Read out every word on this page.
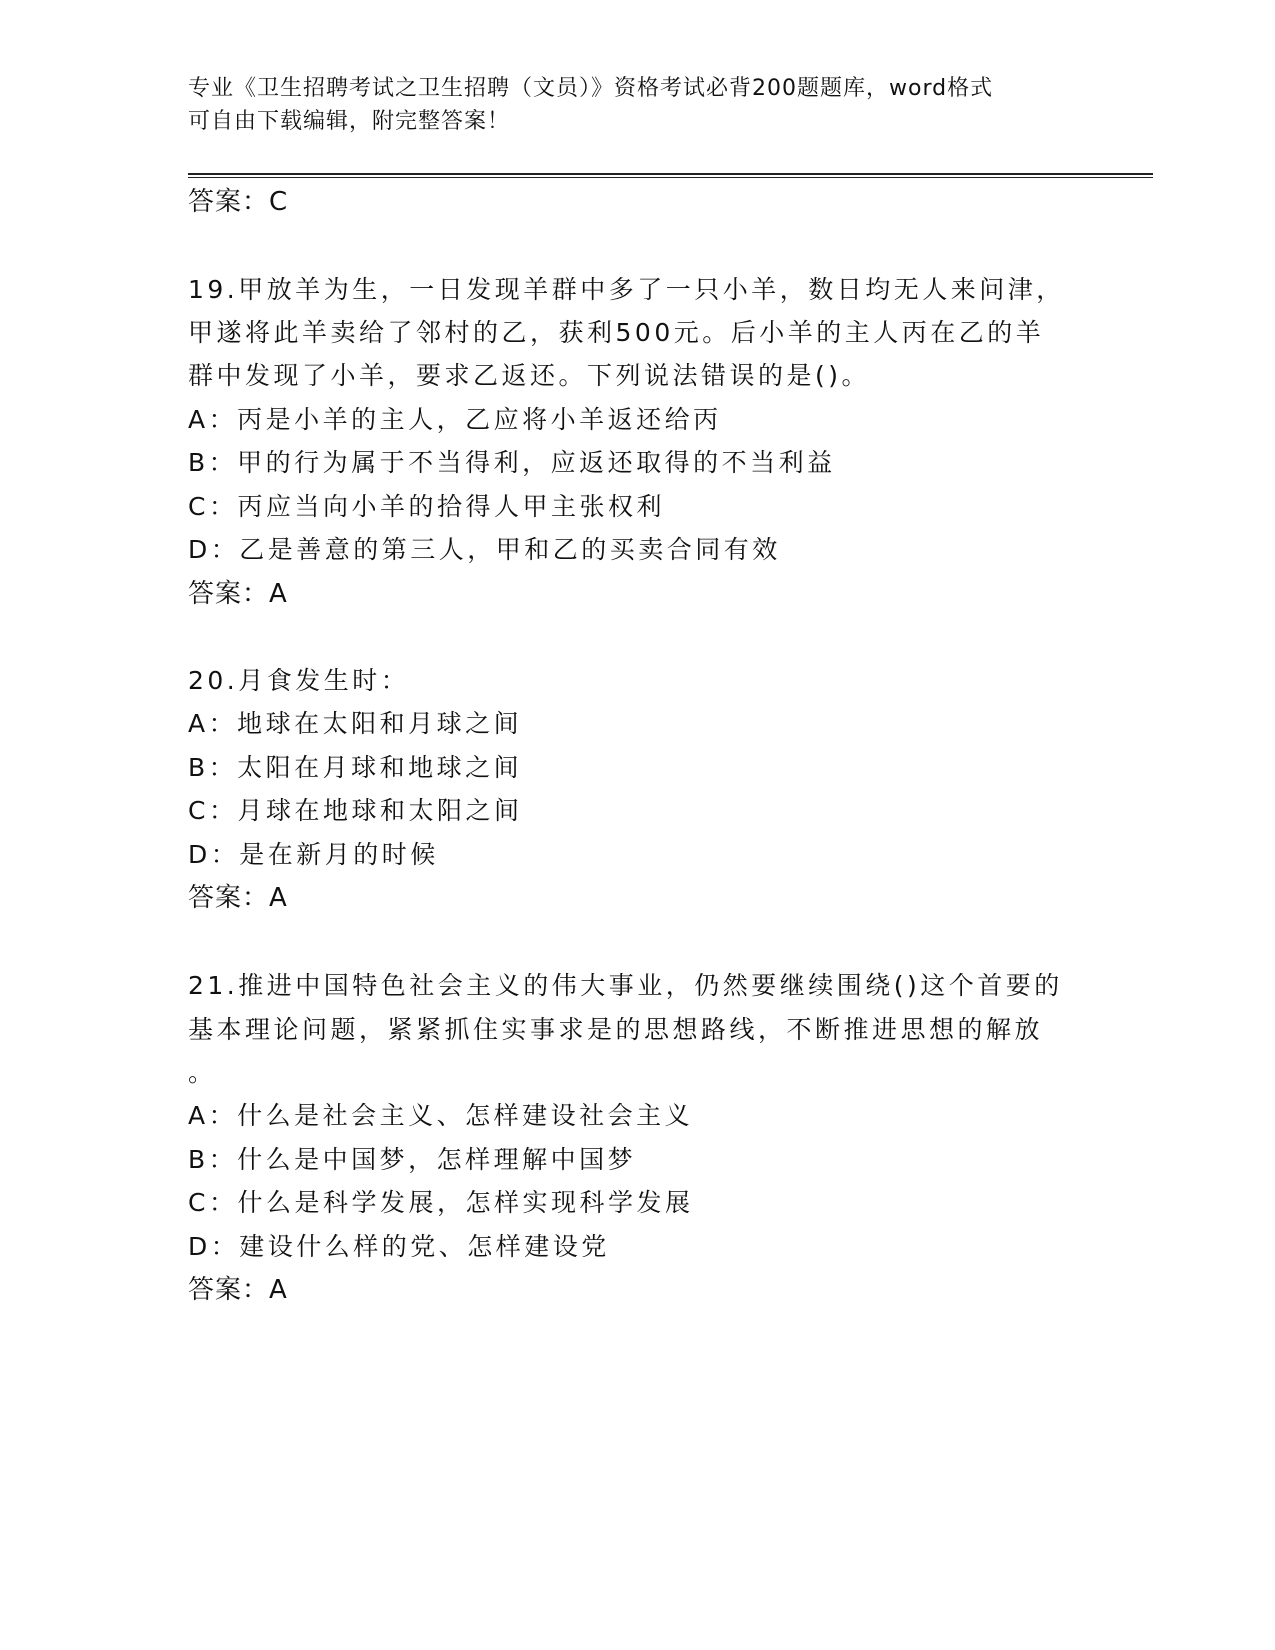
专业《卫生招聘考试之卫生招聘（文员）》资格考试必背200题题库，word格式
可自由下载编辑，附完整答案！
答案：C
19.甲放羊为生，一日发现羊群中多了一只小羊，数日均无人来问津，
甲遂将此羊卖给了邻村的乙，获利500元。后小羊的主人丙在乙的羊
群中发现了小羊，要求乙返还。下列说法错误的是()。
A：丙是小羊的主人，乙应将小羊返还给丙
B：甲的行为属于不当得利，应返还取得的不当利益
C：丙应当向小羊的拾得人甲主张权利
D：乙是善意的第三人，甲和乙的买卖合同有效
答案：A
20.月食发生时：
A：地球在太阳和月球之间
B：太阳在月球和地球之间
C：月球在地球和太阳之间
D：是在新月的时候
答案：A
21.推进中国特色社会主义的伟大事业，仍然要继续围绕()这个首要的
基本理论问题，紧紧抓住实事求是的思想路线，不断推进思想的解放
。
A：什么是社会主义、怎样建设社会主义
B：什么是中国梦，怎样理解中国梦
C：什么是科学发展，怎样实现科学发展
D：建设什么样的党、怎样建设党
答案：A
